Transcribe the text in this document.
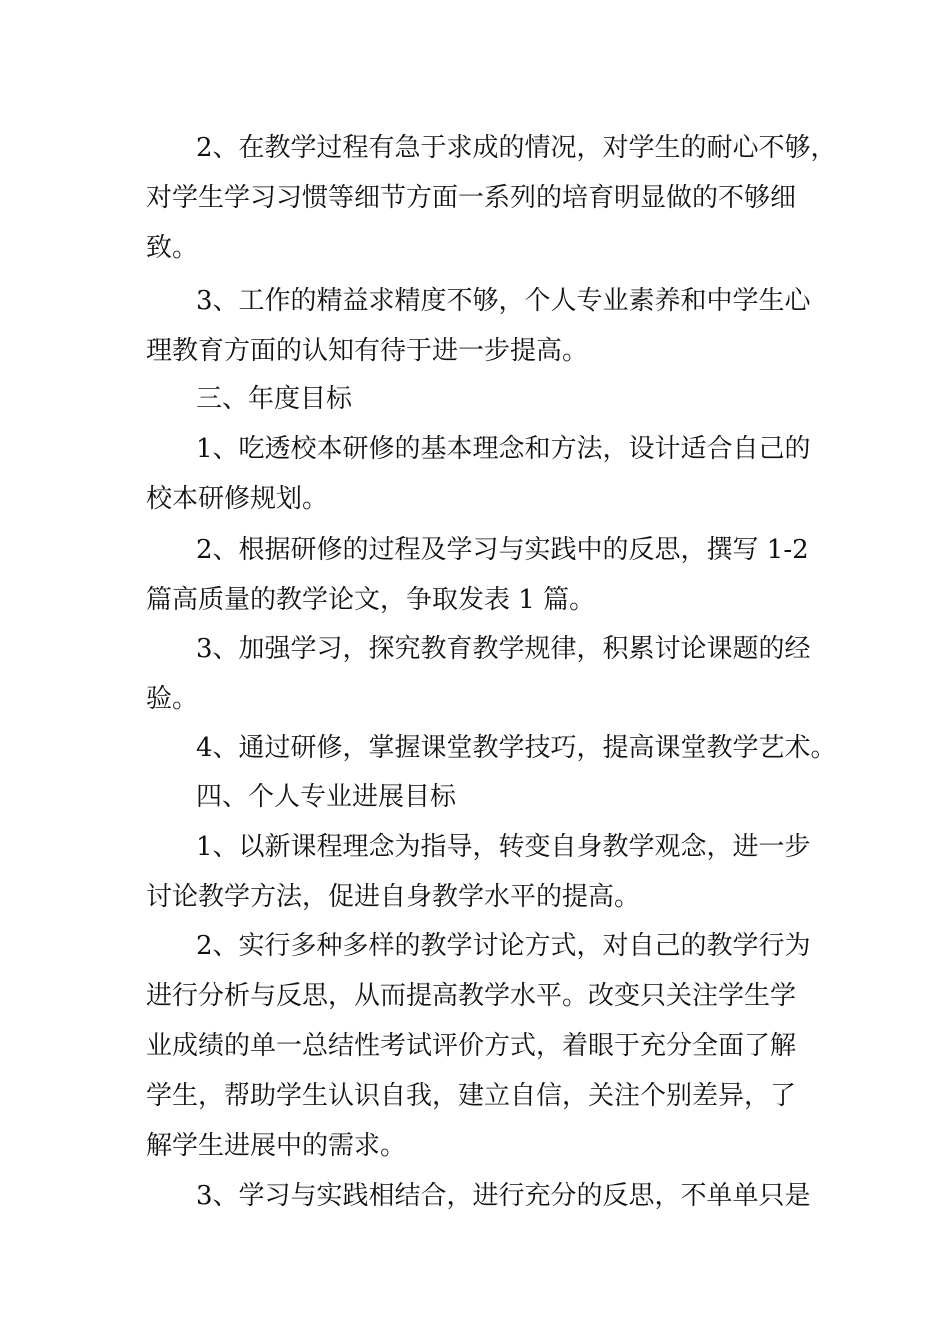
2、在教学过程有急于求成的情况，对学生的耐心不够，
对学生学习习惯等细节方面一系列的培育明显做的不够细
致。
3、工作的精益求精度不够，个人专业素养和中学生心
理教育方面的认知有待于进一步提高。
三、年度目标
1、吃透校本研修的基本理念和方法，设计适合自己的
校本研修规划。
2、根据研修的过程及学习与实践中的反思，撰写 1-2
篇高质量的教学论文，争取发表 1 篇。
3、加强学习，探究教育教学规律，积累讨论课题的经
验。
4、通过研修，掌握课堂教学技巧，提高课堂教学艺术。
四、个人专业进展目标
1、以新课程理念为指导，转变自身教学观念，进一步
讨论教学方法，促进自身教学水平的提高。
2、实行多种多样的教学讨论方式，对自己的教学行为
进行分析与反思，从而提高教学水平。改变只关注学生学
业成绩的单一总结性考试评价方式，着眼于充分全面了解
学生，帮助学生认识自我，建立自信，关注个别差异，了
解学生进展中的需求。
3、学习与实践相结合，进行充分的反思，不单单只是
